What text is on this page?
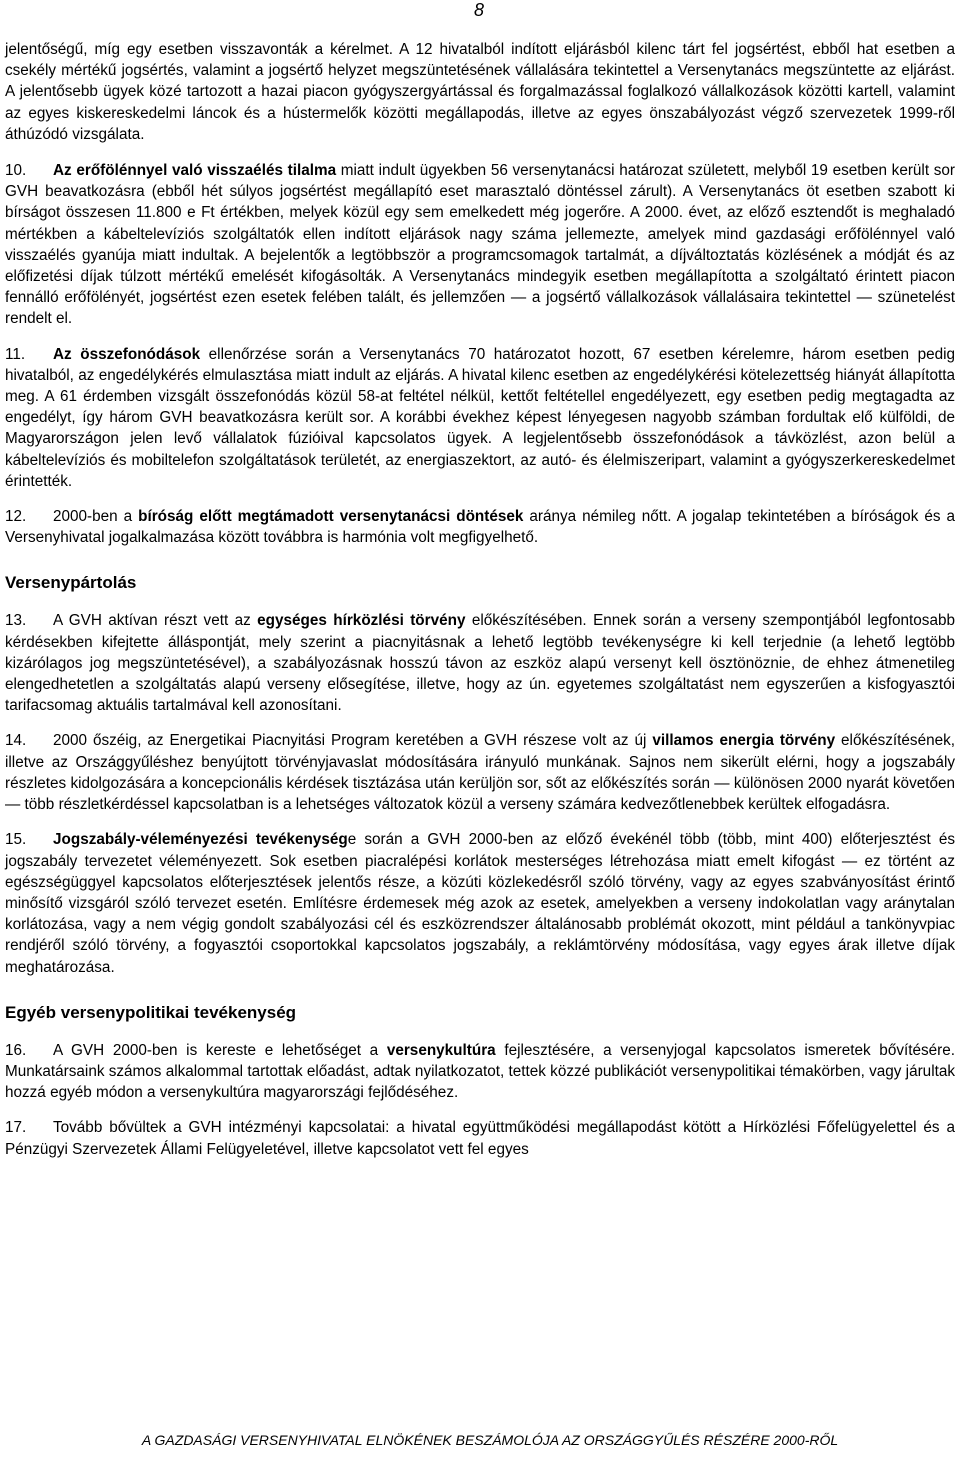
8

jelentőségű, míg egy esetben visszavonták a kérelmet. A 12 hivatalból indított eljárásból kilenc tárt fel jogsértést, ebből hat esetben a csekély mértékű jogsértés, valamint a jogsértő helyzet megszüntetésének vállalására tekintettel a Versenytanács megszüntette az eljárást. A jelentősebb ügyek közé tartozott a hazai piacon gyógyszergyártással és forgalmazással foglalkozó vállalkozások közötti kartell, valamint az egyes kiskereskedelmi láncok és a hústermelők közötti megállapodás, illetve az egyes önszabályozást végző szervezetek 1999-ről áthúzódó vizsgálata.

10. Az erőfölénnyel való visszaélés tilalma miatt indult ügyekben 56 versenytanácsi határozat született, melyből 19 esetben került sor GVH beavatkozásra (ebből hét súlyos jogsértést megállapító eset marasztaló döntéssel zárult). A Versenytanács öt esetben szabott ki bírságot összesen 11.800 e Ft értékben, melyek közül egy sem emelkedett még jogerőre. A 2000. évet, az előző esztendőt is meghaladó mértékben a kábeltelevíziós szolgáltatók ellen indított eljárások nagy száma jellemezte, amelyek mind gazdasági erőfölénnyel való visszaélés gyanúja miatt indultak. A bejelentők a legtöbbször a programcsomagok tartalmát, a díjváltoztatás közlésének a módját és az előfizetési díjak túlzott mértékű emelését kifogásolták. A Versenytanács mindegyik esetben megállapította a szolgáltató érintett piacon fennálló erőfölényét, jogsértést ezen esetek felében talált, és jellemzően — a jogsértő vállalkozások vállalásaira tekintettel — szünetelést rendelt el.

11. Az összefonódások ellenőrzése során a Versenytanács 70 határozatot hozott, 67 esetben kérelemre, három esetben pedig hivatalból, az engedélykérés elmulasztása miatt indult az eljárás. A hivatal kilenc esetben az engedélykérési kötelezettség hiányát állapította meg. A 61 érdemben vizsgált összefonódás közül 58-at feltétel nélkül, kettőt feltétellel engedélyezett, egy esetben pedig megtagadta az engedélyt, így három GVH beavatkozásra került sor. A korábbi évekhez képest lényegesen nagyobb számban fordultak elő külföldi, de Magyarországon jelen levő vállalatok fúzióival kapcsolatos ügyek. A legjelentősebb összefonódások a távközlést, azon belül a kábeltelevíziós és mobiltelefon szolgáltatások területét, az energiaszektort, az autó- és élelmiszeripart, valamint a gyógyszerkereskedelmet érintették.

12. 2000-ben a bíróság előtt megtámadott versenytanácsi döntések aránya némileg nőtt. A jogalap tekintetében a bíróságok és a Versenyhivatal jogalkalmazása között továbbra is harmónia volt megfigyelhető.

Versenypártolás

13. A GVH aktívan részt vett az egységes hírközlési törvény előkészítésében. Ennek során a verseny szempontjából legfontosabb kérdésekben kifejtette álláspontját, mely szerint a piacnyitásnak a lehető legtöbb tevékenységre ki kell terjednie (a lehető legtöbb kizárólagos jog megszüntetésével), a szabályozásnak hosszú távon az eszköz alapú versenyt kell ösztönöznie, de ehhez átmenetileg elengedhetetlen a szolgáltatás alapú verseny elősegítése, illetve, hogy az ún. egyetemes szolgáltatást nem egyszerűen a kisfogyasztói tarifacsomag aktuális tartalmával kell azonosítani.

14. 2000 őszéig, az Energetikai Piacnyitási Program keretében a GVH részese volt az új villamos energia törvény előkészítésének, illetve az Országgyűléshez benyújtott törvényjavaslat módosítására irányuló munkának. Sajnos nem sikerült elérni, hogy a jogszabály részletes kidolgozására a koncepcionális kérdések tisztázása után kerüljön sor, sőt az előkészítés során — különösen 2000 nyarát követően — több részletkérdéssel kapcsolatban is a lehetséges változatok közül a verseny számára kedvezőtlenebbek kerültek elfogadásra.

15. Jogszabály-véleményezési tevékenysége során a GVH 2000-ben az előző évekénél több (több, mint 400) előterjesztést és jogszabály tervezetet véleményezett. Sok esetben piacralépési korlátok mesterséges létrehozása miatt emelt kifogást — ez történt az egészségüggyel kapcsolatos előterjesztések jelentős része, a közúti közlekedésről szóló törvény, vagy az egyes szabványosítást érintő minősítő vizsgáról szóló tervezet esetén. Említésre érdemesek még azok az esetek, amelyekben a verseny indokolatlan vagy aránytalan korlátozása, vagy a nem végig gondolt szabályozási cél és eszközrendszer általánosabb problémát okozott, mint például a tankönyvpiac rendjéről szóló törvény, a fogyasztói csoportokkal kapcsolatos jogszabály, a reklámtörvény módosítása, vagy egyes árak illetve díjak meghatározása.

Egyéb versenypolitikai tevékenység

16. A GVH 2000-ben is kereste e lehetőséget a versenykultúra fejlesztésére, a versenyjogal kapcsolatos ismeretek bővítésére. Munkatársaink számos alkalommal tartottak előadást, adtak nyilatkozatot, tettek közzé publikációt versenypolitikai témakörben, vagy járultak hozzá egyéb módon a versenykultúra magyarországi fejlődéséhez.

17. Tovább bővültek a GVH intézményi kapcsolatai: a hivatal együttműködési megállapodást kötött a Hírközlési Főfelügyelettel és a Pénzügyi Szervezetek Állami Felügyeletével, illetve kapcsolatot vett fel egyes

A GAZDASÁGI VERSENYHIVATAL ELNÖKÉNEK BESZÁMOLÓJA AZ ORSZÁGGYŰLÉS RÉSZÉRE 2000-RŐL
